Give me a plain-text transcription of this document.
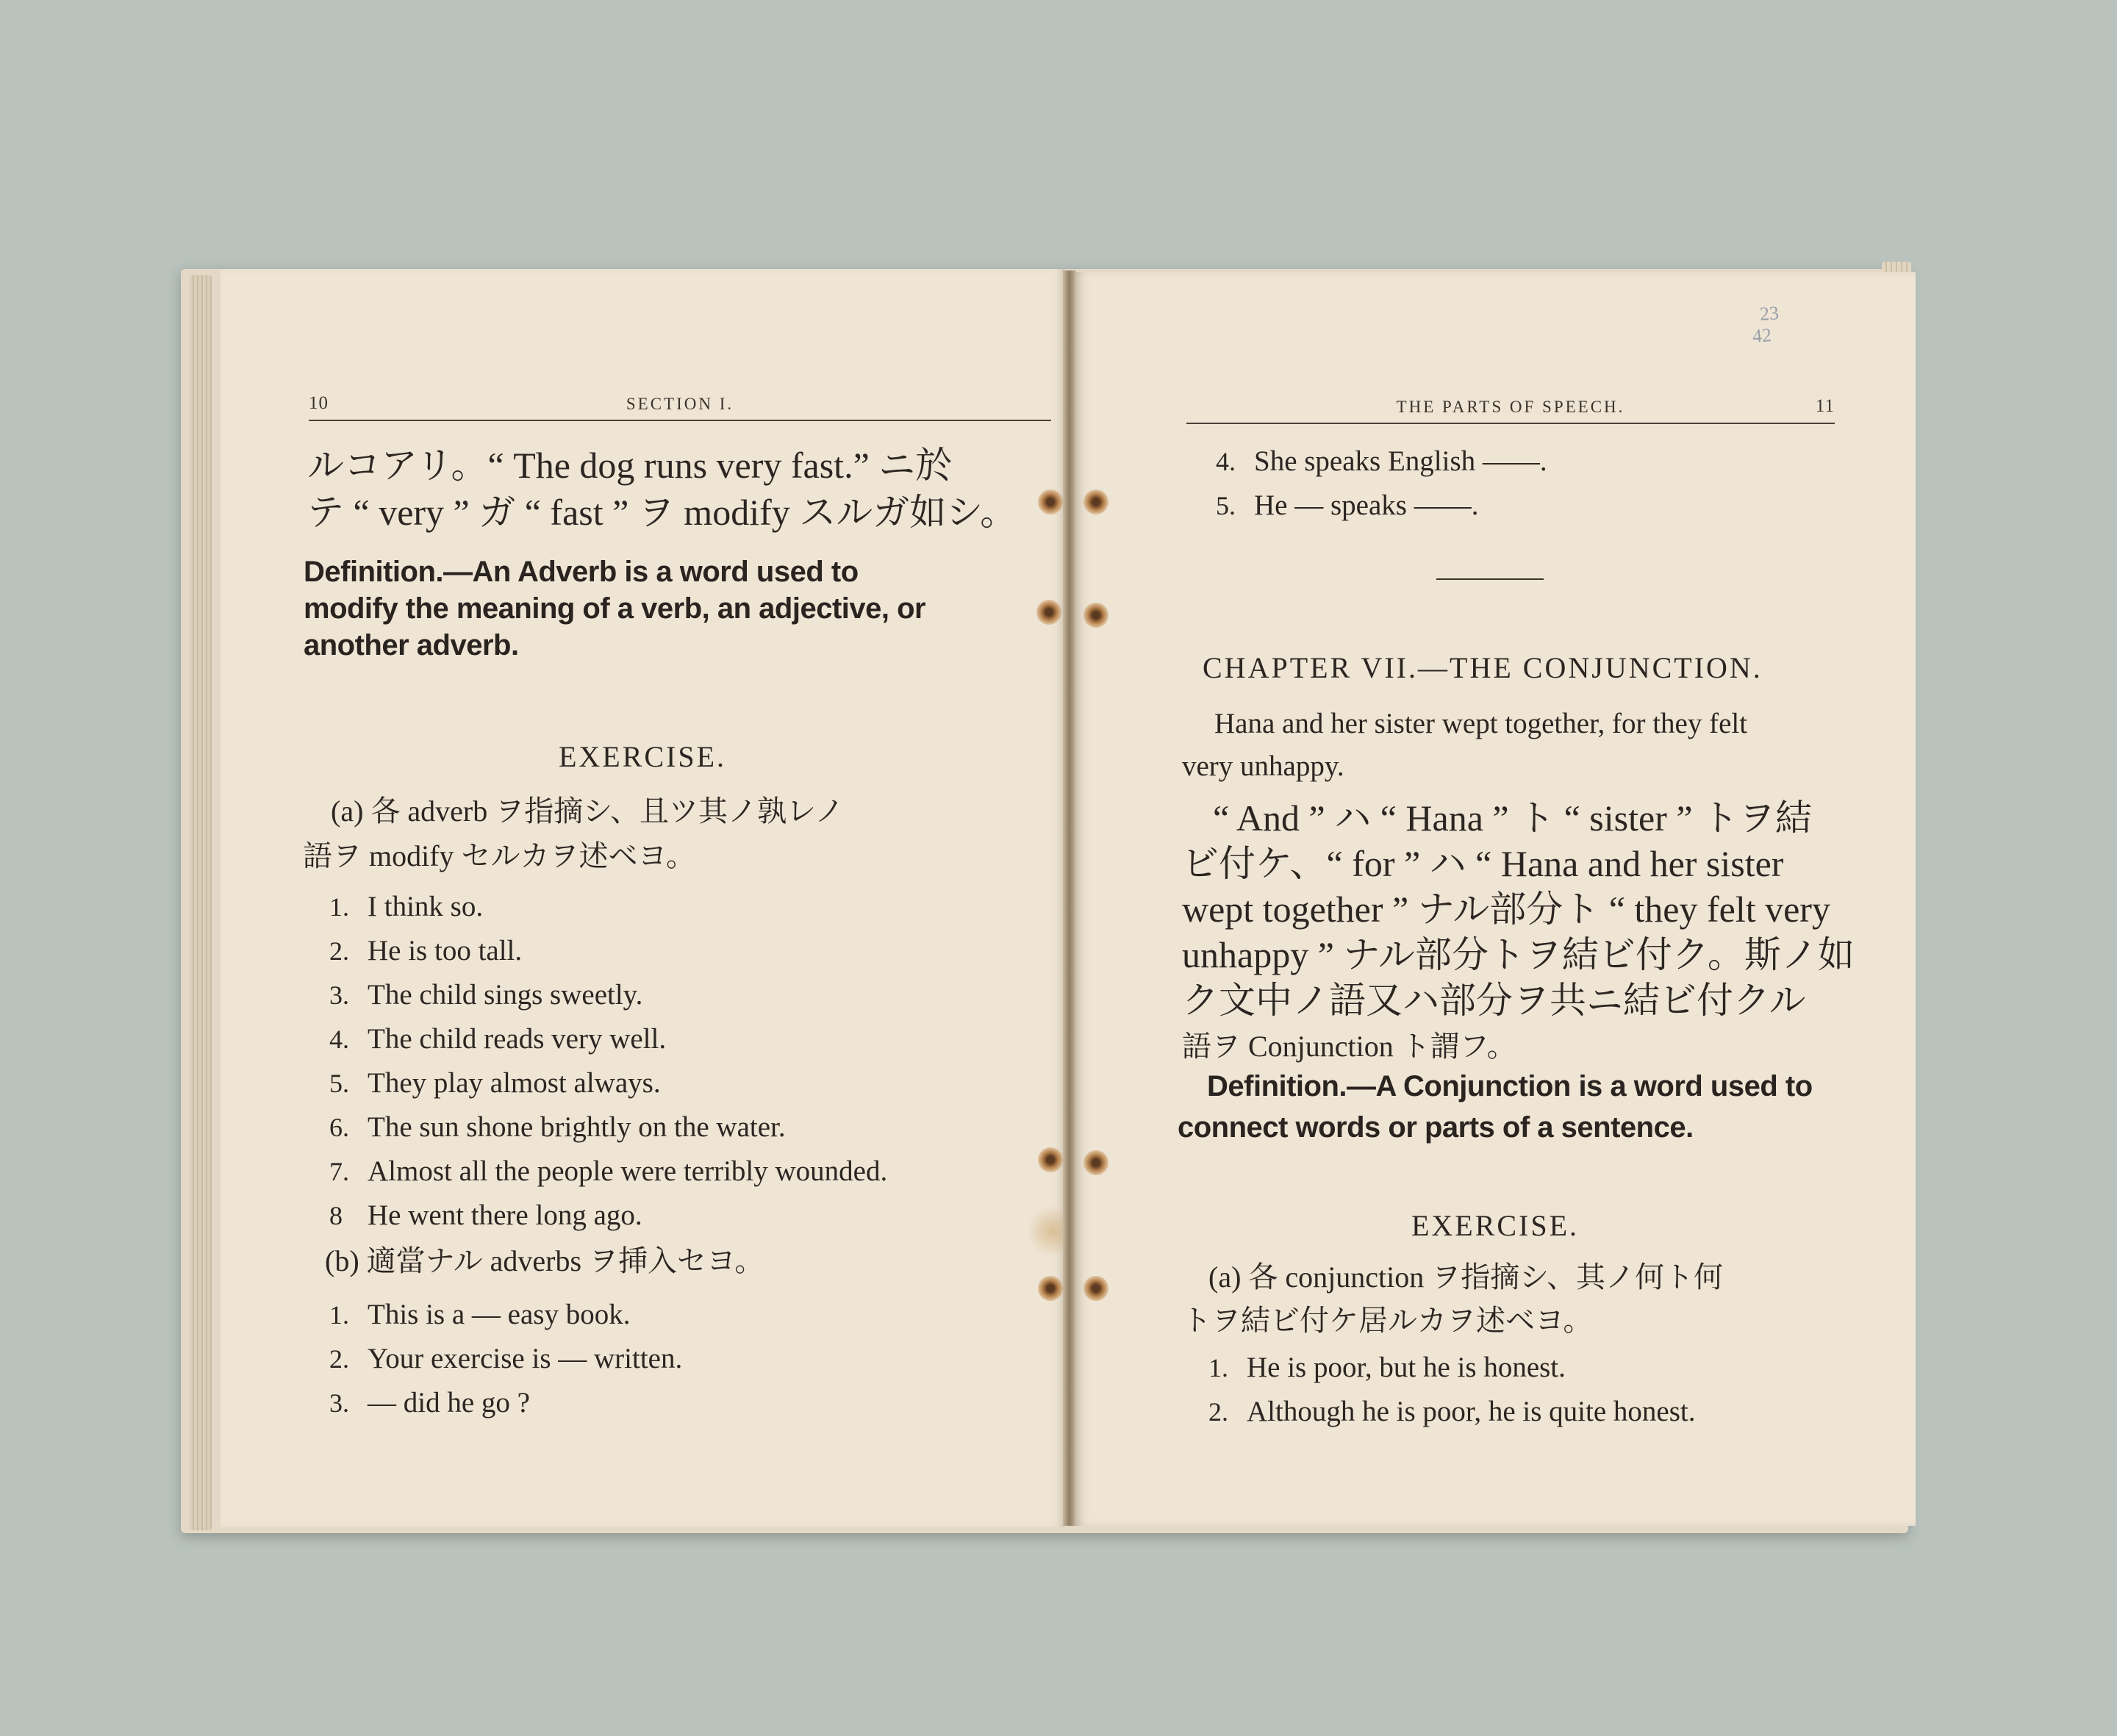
10	SECTION I.
ルコアリ。“ The dog runs very fast.” ニ於
テ “ very ” ガ “ fast ” ヲ modify スルガ如シ。
Definition.—An Adverb is a word used to
modify the meaning of a verb, an adjective, or
another adverb.
EXERCISE.
(a) 各 adverb ヲ指摘シ、且ツ其ノ孰レノ
語ヲ modify セルカヲ述ベヨ。
1. I think so.
2. He is too tall.
3. The child sings sweetly.
4. The child reads very well.
5. They play almost always.
6. The sun shone brightly on the water.
7. Almost all the people were terribly wounded.
8 He went there long ago.
(b) 適當ナル adverbs ヲ挿入セヨ。
1. This is a — easy book.
2. Your exercise is — written.
3. — did he go ?
23
42
THE PARTS OF SPEECH.	11
4. She speaks English ——.
5. He — speaks ——.
CHAPTER VII.—THE CONJUNCTION.
Hana and her sister wept together, for they felt
very unhappy.
“ And ” ハ “ Hana ” ト “ sister ” トヲ結
ビ付ケ、“ for ” ハ “ Hana and her sister
wept together ” ナル部分ト “ they felt very
unhappy ” ナル部分トヲ結ビ付ク。斯ノ如
ク文中ノ語又ハ部分ヲ共ニ結ビ付クル
語ヲ Conjunction ト謂フ。
Definition.—A Conjunction is a word used to
connect words or parts of a sentence.
EXERCISE.
(a) 各 conjunction ヲ指摘シ、其ノ何ト何
トヲ結ビ付ケ居ルカヲ述ベヨ。
1. He is poor, but he is honest.
2. Although he is poor, he is quite honest.
